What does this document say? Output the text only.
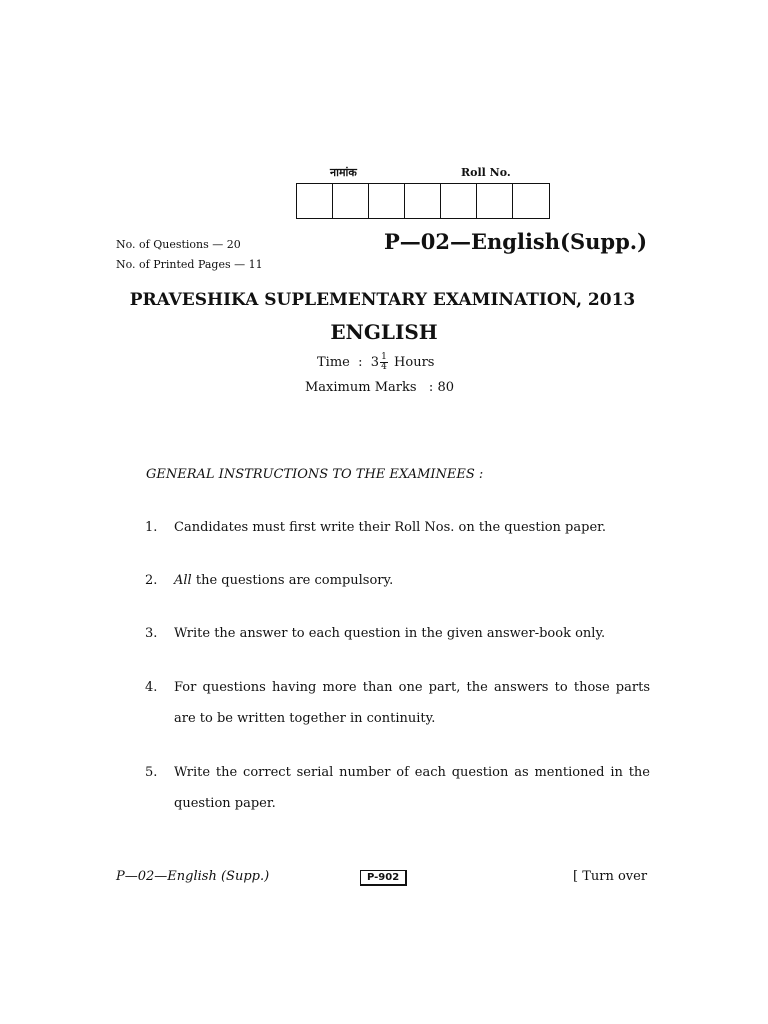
नामांक	Roll No.
No. of Questions — 20
No. of Printed Pages — 11
P—02—English(Supp.)
PRAVESHIKA SUPLEMENTARY EXAMINATION, 2013
ENGLISH
Time  :  $3 \frac{1}{4}$ Hours
Maximum Marks   : 80
GENERAL INSTRUCTIONS TO THE EXAMINEES :
1. Candidates must first write their Roll Nos. on the question paper.
2. All the questions are compulsory.
3. Write the answer to each question in the given answer-book only.
4. For questions having more than one part, the answers to those parts are to be written together in continuity.
5. Write the correct serial number of each question as mentioned in the question paper.
P—02—English (Supp.)	P-902	[ Turn over
